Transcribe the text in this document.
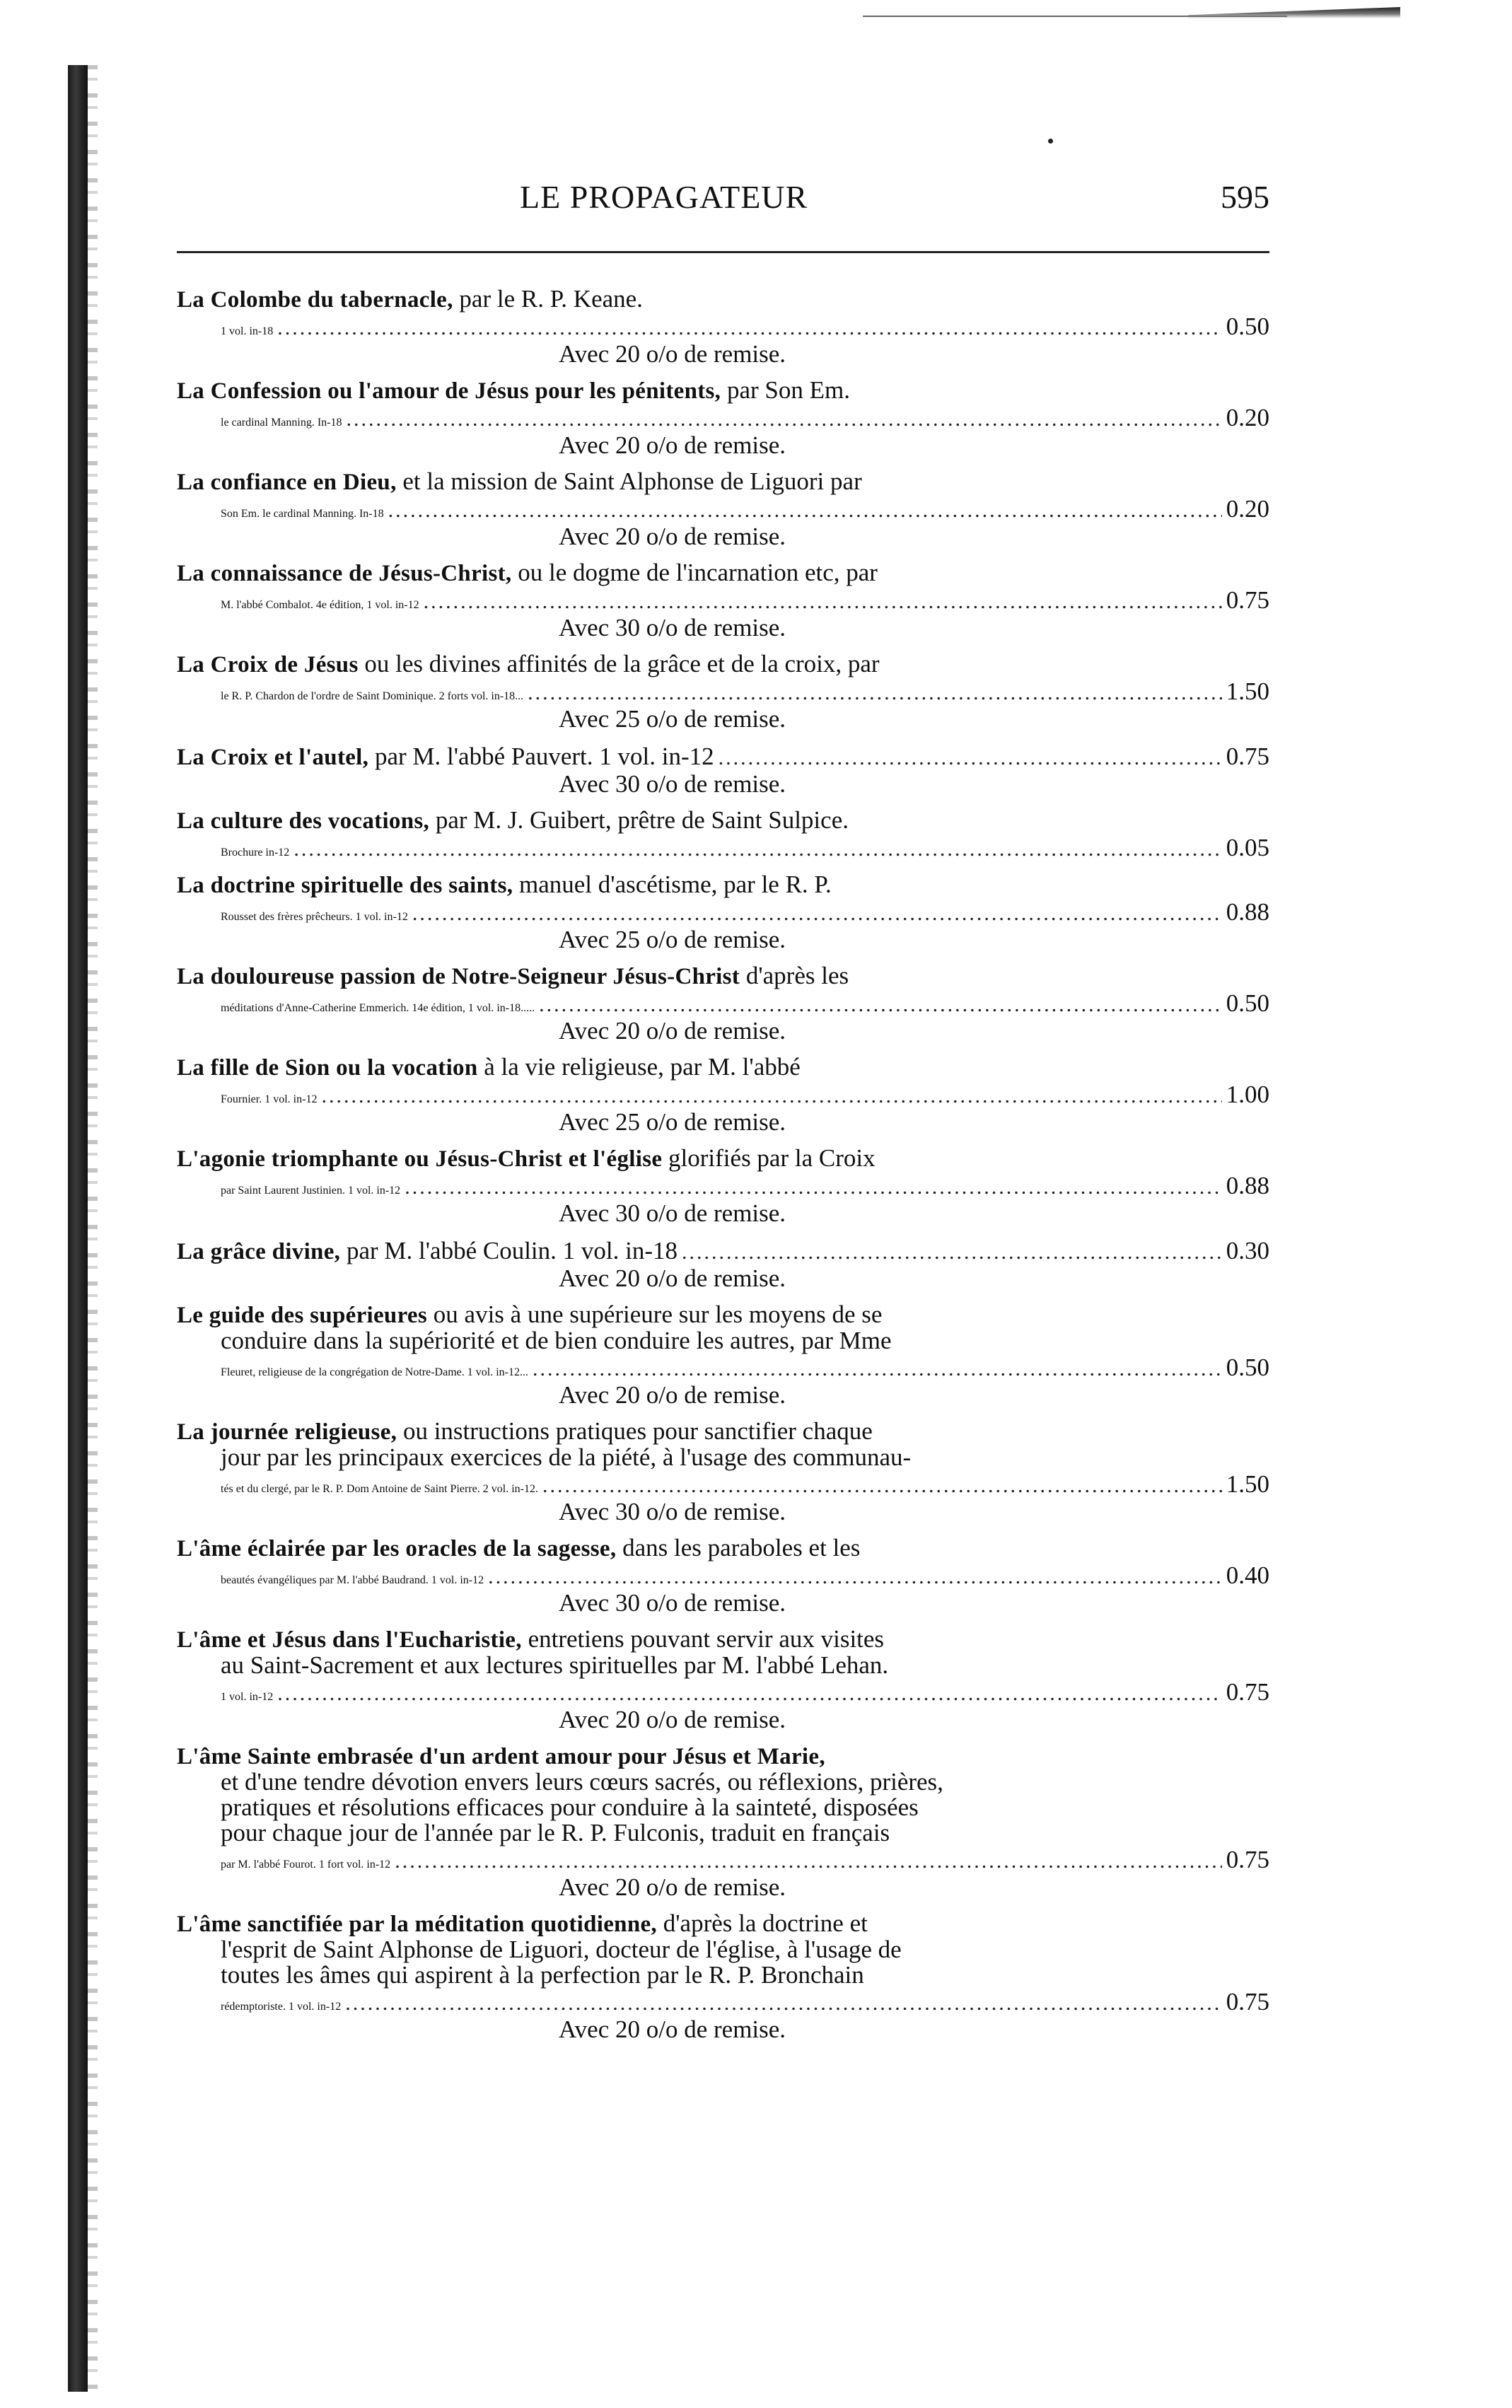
LE PROPAGATEUR	595
La Colombe du tabernacle, par le R. P. Keane.
1 vol. in-18 .....	0.50
Avec 20 o/o de remise.
La Confession ou l'amour de Jésus pour les pénitents, par Son Em.
le cardinal Manning. In-18 .....	0.20
Avec 20 o/o de remise.
La confiance en Dieu, et la mission de Saint Alphonse de Liguori par
Son Em. le cardinal Manning. In-18 .....	0.20
Avec 20 o/o de remise.
La connaissance de Jésus-Christ, ou le dogme de l'incarnation etc, par
M. l'abbé Combalot. 4e édition, 1 vol. in-12 .....	0.75
Avec 30 o/o de remise.
La Croix de Jésus ou les divines affinités de la grâce et de la croix, par
le R. P. Chardon de l'ordre de Saint Dominique. 2 forts vol. in-18... .....	1.50
Avec 25 o/o de remise.
La Croix et l'autel, par M. l'abbé Pauvert. 1 vol. in-12 .....	0.75
Avec 30 o/o de remise.
La culture des vocations, par M. J. Guibert, prêtre de Saint Sulpice.
Brochure in-12 .....	0.05
La doctrine spirituelle des saints, manuel d'ascétisme, par le R. P.
Rousset des frères prêcheurs. 1 vol. in-12 .....	0.88
Avec 25 o/o de remise.
La douloureuse passion de Notre-Seigneur Jésus-Christ d'après les
méditations d'Anne-Catherine Emmerich. 14e édition, 1 vol. in-18..... .....	0.50
Avec 20 o/o de remise.
La fille de Sion ou la vocation à la vie religieuse, par M. l'abbé
Fournier. 1 vol. in-12 .....	1.00
Avec 25 o/o de remise.
L'agonie triomphante ou Jésus-Christ et l'église glorifiés par la Croix
par Saint Laurent Justinien. 1 vol. in-12 .....	0.88
Avec 30 o/o de remise.
La grâce divine, par M. l'abbé Coulin. 1 vol. in-18 .....	0.30
Avec 20 o/o de remise.
Le guide des supérieures ou avis à une supérieure sur les moyens de se
conduire dans la supériorité et de bien conduire les autres, par Mme
Fleuret, religieuse de la congrégation de Notre-Dame. 1 vol. in-12... .....	0.50
Avec 20 o/o de remise.
La journée religieuse, ou instructions pratiques pour sanctifier chaque
jour par les principaux exercices de la piété, à l'usage des communau-
tés et du clergé, par le R. P. Dom Antoine de Saint Pierre. 2 vol. in-12. .....	1.50
Avec 30 o/o de remise.
L'âme éclairée par les oracles de la sagesse, dans les paraboles et les
beautés évangéliques par M. l'abbé Baudrand. 1 vol. in-12 .....	0.40
Avec 30 o/o de remise.
L'âme et Jésus dans l'Eucharistie, entretiens pouvant servir aux visites
au Saint-Sacrement et aux lectures spirituelles par M. l'abbé Lehan.
1 vol. in-12 .....	0.75
Avec 20 o/o de remise.
L'âme Sainte embrasée d'un ardent amour pour Jésus et Marie,
et d'une tendre dévotion envers leurs cœurs sacrés, ou réflexions, prières,
pratiques et résolutions efficaces pour conduire à la sainteté, disposées
pour chaque jour de l'année par le R. P. Fulconis, traduit en français
par M. l'abbé Fourot. 1 fort vol. in-12 .....	0.75
Avec 20 o/o de remise.
L'âme sanctifiée par la méditation quotidienne, d'après la doctrine et
l'esprit de Saint Alphonse de Liguori, docteur de l'église, à l'usage de
toutes les âmes qui aspirent à la perfection par le R. P. Bronchain
rédemptoriste. 1 vol. in-12 .....	0.75
Avec 20 o/o de remise.
